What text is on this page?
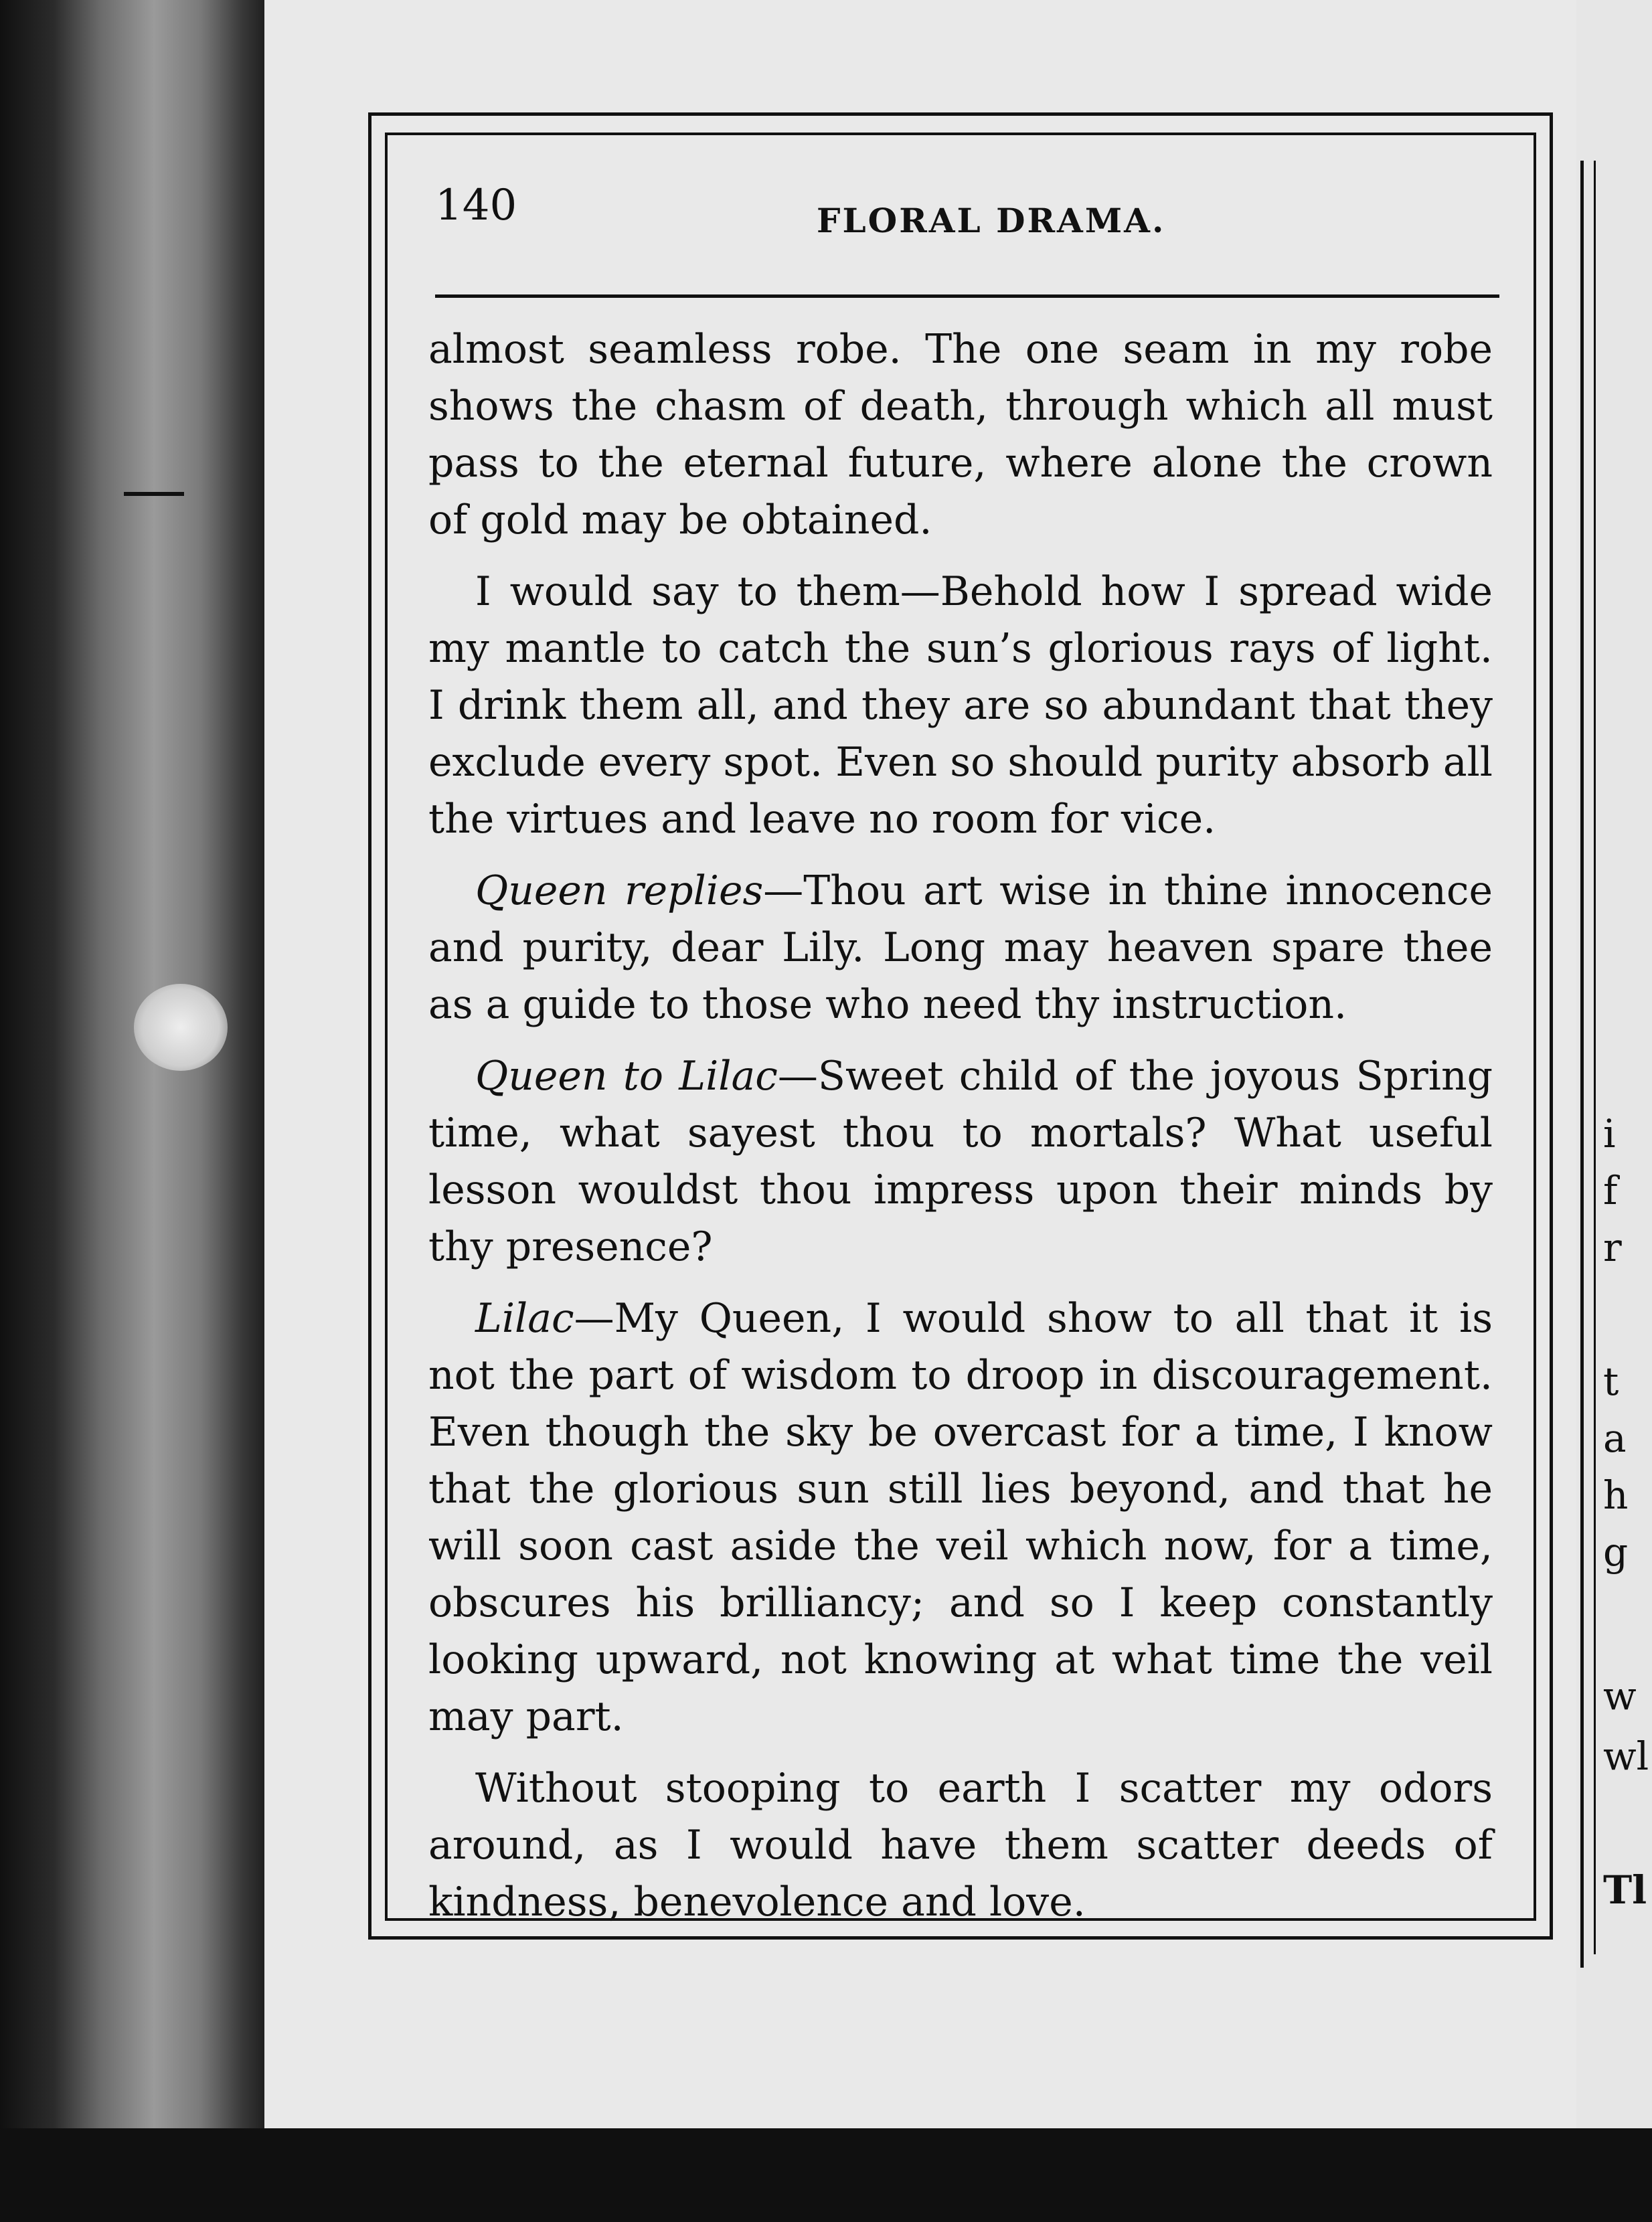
140	FLORAL DRAMA.

almost seamless robe. The one seam in my robe shows the chasm of death, through which all must pass to the eternal future, where alone the crown of gold may be obtained.

I would say to them—Behold how I spread wide my mantle to catch the sun’s glorious rays of light. I drink them all, and they are so abundant that they exclude every spot. Even so should purity absorb all the virtues and leave no room for vice.

Queen replies—Thou art wise in thine innocence and purity, dear Lily. Long may heaven spare thee as a guide to those who need thy instruction.

Queen to Lilac—Sweet child of the joyous Spring time, what sayest thou to mortals? What useful lesson wouldst thou impress upon their minds by thy presence?

Lilac—My Queen, I would show to all that it is not the part of wisdom to droop in discouragement. Even though the sky be overcast for a time, I know that the glorious sun still lies beyond, and that he will soon cast aside the veil which now, for a time, obscures his brilliancy; and so I keep constantly looking upward, not knowing at what time the veil may part.

Without stooping to earth I scatter my odors around, as I would have them scatter deeds of kindness, benevolence and love.

i
f
r
t
a
h
g
w
wl
Tl
